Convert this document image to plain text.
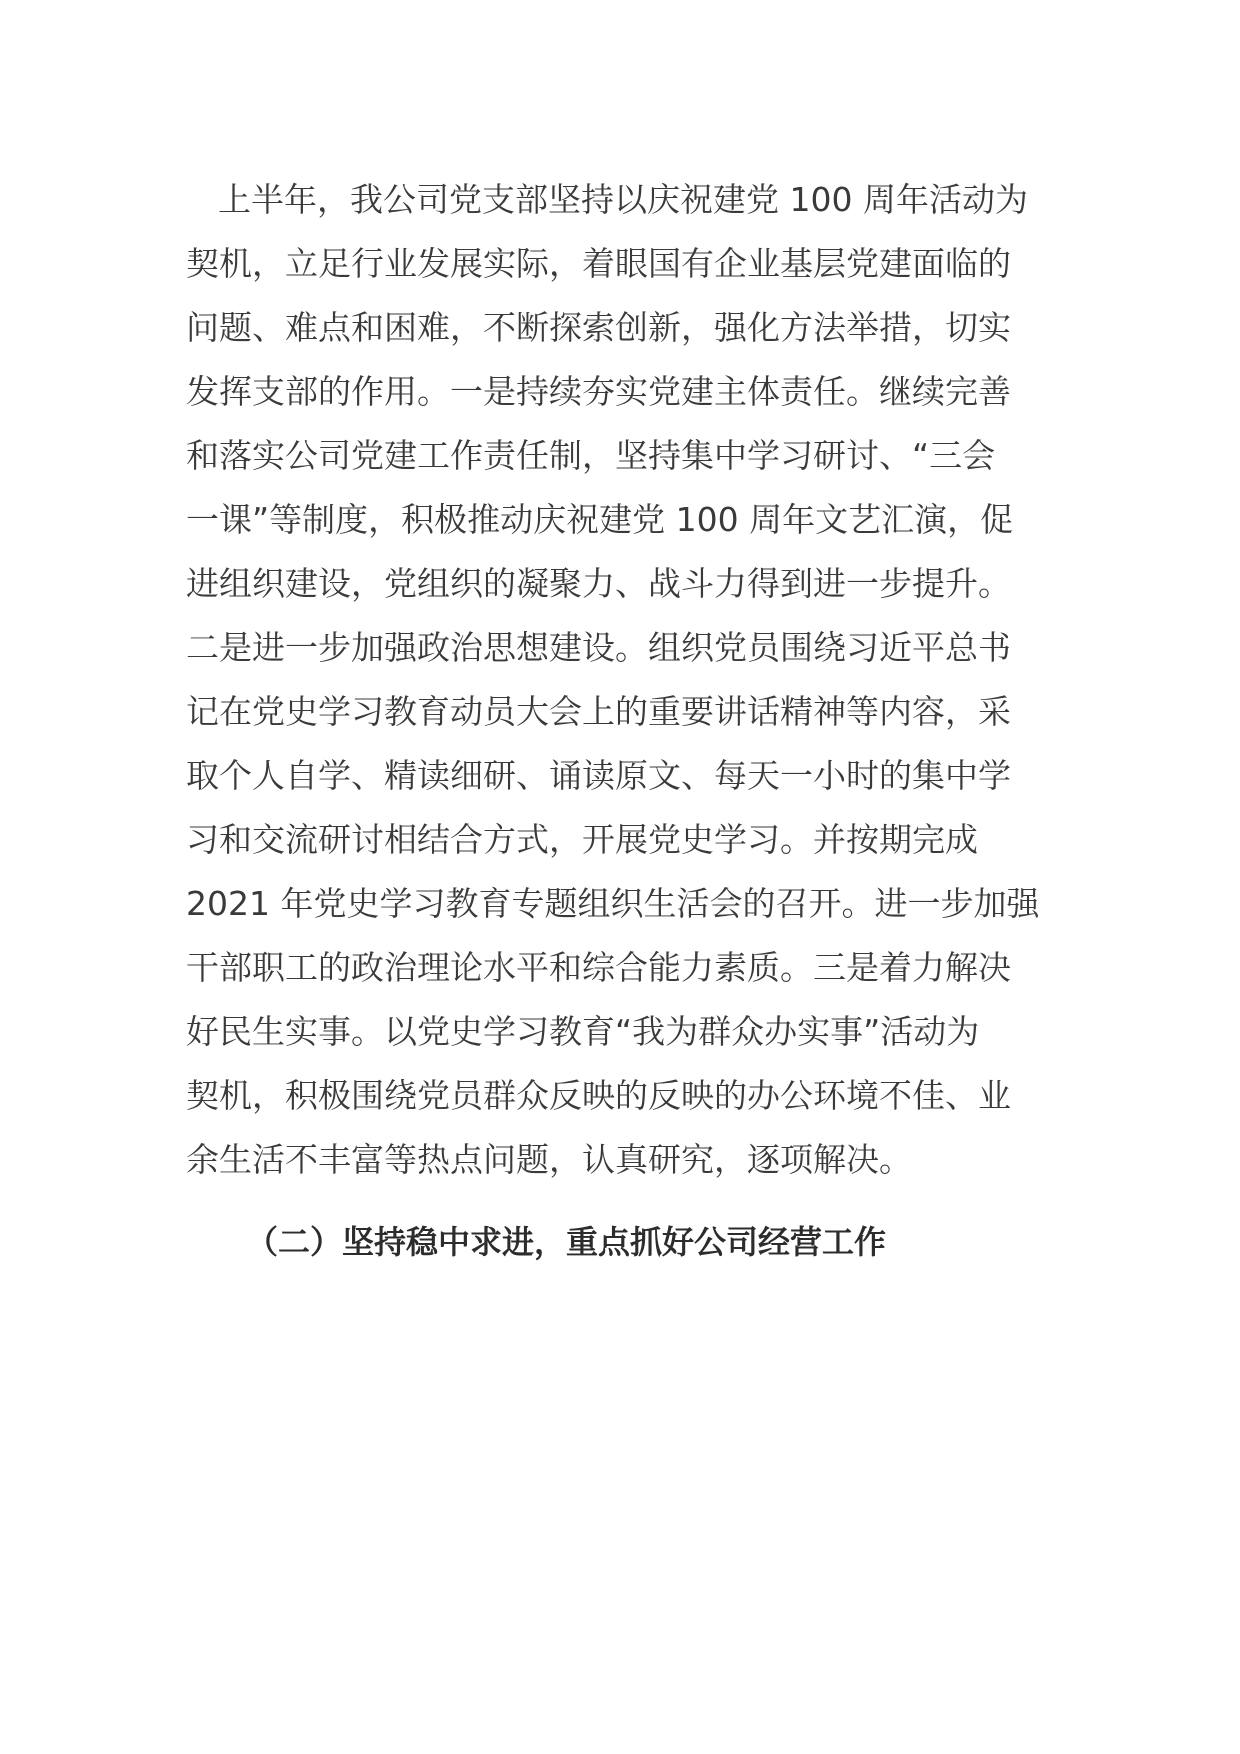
上半年，我公司党支部坚持以庆祝建党 100 周年活动为
契机，立足行业发展实际，着眼国有企业基层党建面临的
问题、难点和困难，不断探索创新，强化方法举措，切实
发挥支部的作用。一是持续夯实党建主体责任。继续完善
和落实公司党建工作责任制，坚持集中学习研讨、“三会
一课”等制度，积极推动庆祝建党 100 周年文艺汇演，促
进组织建设，党组织的凝聚力、战斗力得到进一步提升。
二是进一步加强政治思想建设。组织党员围绕习近平总书
记在党史学习教育动员大会上的重要讲话精神等内容，采
取个人自学、精读细研、诵读原文、每天一小时的集中学
习和交流研讨相结合方式，开展党史学习。并按期完成
2021 年党史学习教育专题组织生活会的召开。进一步加强
干部职工的政治理论水平和综合能力素质。三是着力解决
好民生实事。以党史学习教育“我为群众办实事”活动为
契机，积极围绕党员群众反映的反映的办公环境不佳、业
余生活不丰富等热点问题，认真研究，逐项解决。
（二）坚持稳中求进，重点抓好公司经营工作
